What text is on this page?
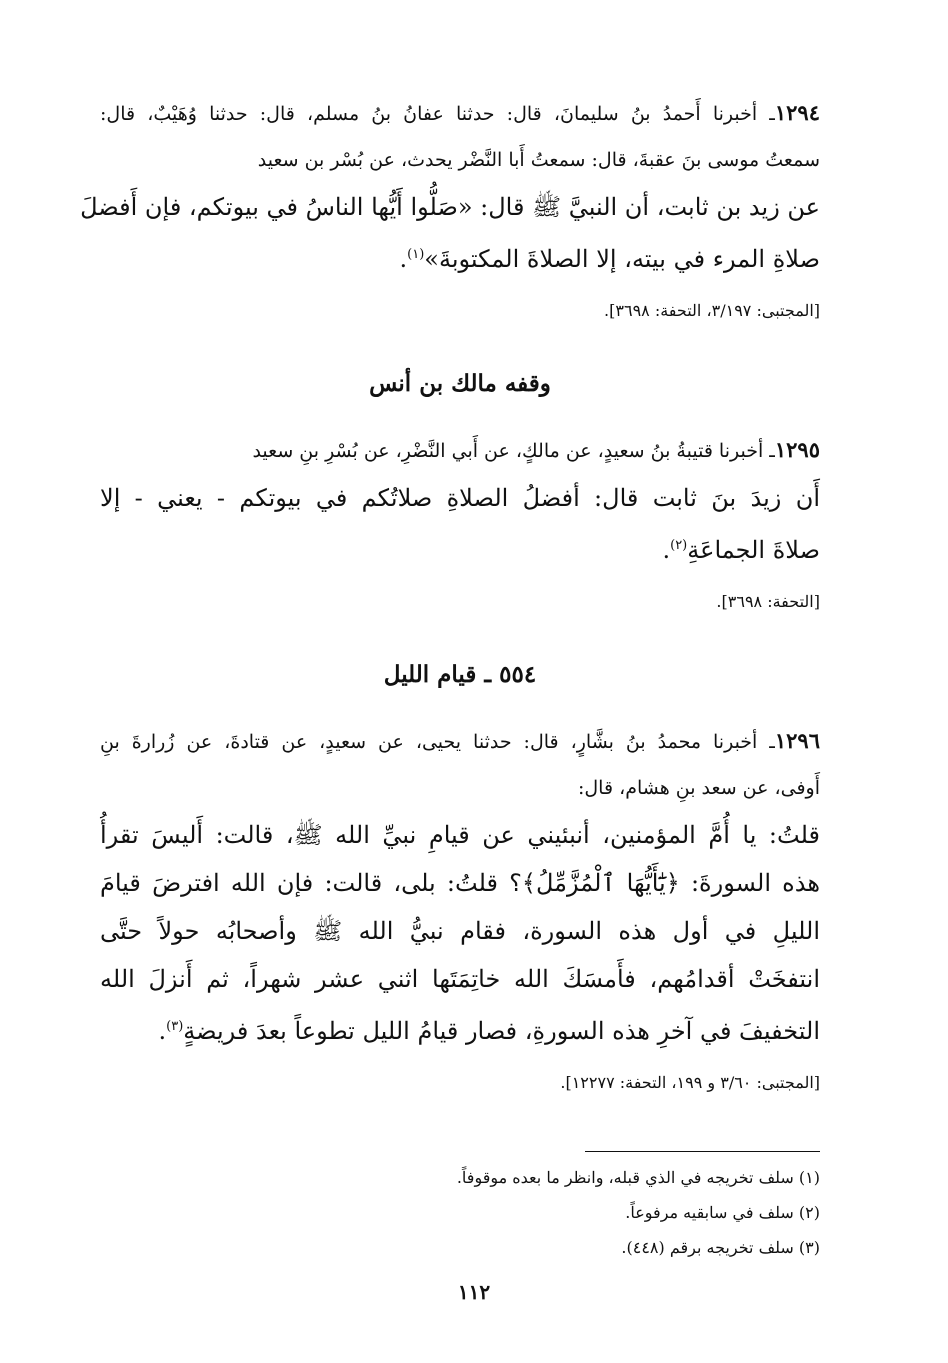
١٢٩٤ـ أخبرنا أَحمدُ بنُ سليمانَ، قال: حدثنا عفانُ بنُ مسلم، قال: حدثنا وُهَيْبٌ، قال:

سمعتُ موسى بنَ عقبةَ، قال: سمعتُ أَبا النَّضْر يحدث، عن بُسْر بن سعيد

عن زيد بن ثابت، أن النبيَّ ﷺ قال: «صَلُّوا أَيُّها الناسُ في بيوتكم، فإن أَفضلَ

صلاةِ المرء في بيته، إلا الصلاةَ المكتوبةَ»$^{(١)}$.

[المجتبى: ٣/١٩٧، التحفة: ٣٦٩٨].

وقفه مالك بن أنس

١٢٩٥ـ أخبرنا قتيبةُ بنُ سعيدٍ، عن مالكٍ، عن أَبي النَّضْرِ، عن بُسْرِ بنِ سعيد

أَن زيدَ بنَ ثابت قال: أفضلُ الصلاةِ صلاتُكم في بيوتكم - يعني - إلا

صلاةَ الجماعَةِ$^{(٢)}$.

[التحفة: ٣٦٩٨].

٥٥٤ ـ قيام الليل

١٢٩٦ـ أخبرنا محمدُ بنُ بشَّارٍ، قال: حدثنا يحيى، عن سعيدٍ، عن قتادةَ، عن زُرارةَ بنِ

أَوفى، عن سعد بنِ هشام، قال:

قلتُ: يا أُمَّ المؤمنين، أنبئيني عن قيامِ نبيِّ الله ﷺ، قالت: أَليسَ تقرأُ

هذه السورةَ: ﴿يَٰٓأَيُّهَا ٱلْمُزَّمِّلُ﴾؟ قلتُ: بلى، قالت: فإن الله افترضَ قيامَ

الليلِ في أول هذه السورة، فقام نبيُّ الله ﷺ وأصحابُه حولاً حتَّى

انتفخَتْ أقدامُهم، فأَمسَكَ الله خاتِمَتَها اثني عشر شهراً، ثم أَنزلَ الله

التخفيفَ في آخرِ هذه السورةِ، فصار قيامُ الليل تطوعاً بعدَ فريضةٍ$^{(٣)}$.

[المجتبى: ٣/٦٠ و ١٩٩، التحفة: ١٢٢٧٧].

(١) سلف تخريجه في الذي قبله، وانظر ما بعده موقوفاً.

(٢) سلف في سابقيه مرفوعاً.

(٣) سلف تخريجه برقم (٤٤٨).

١١٢
